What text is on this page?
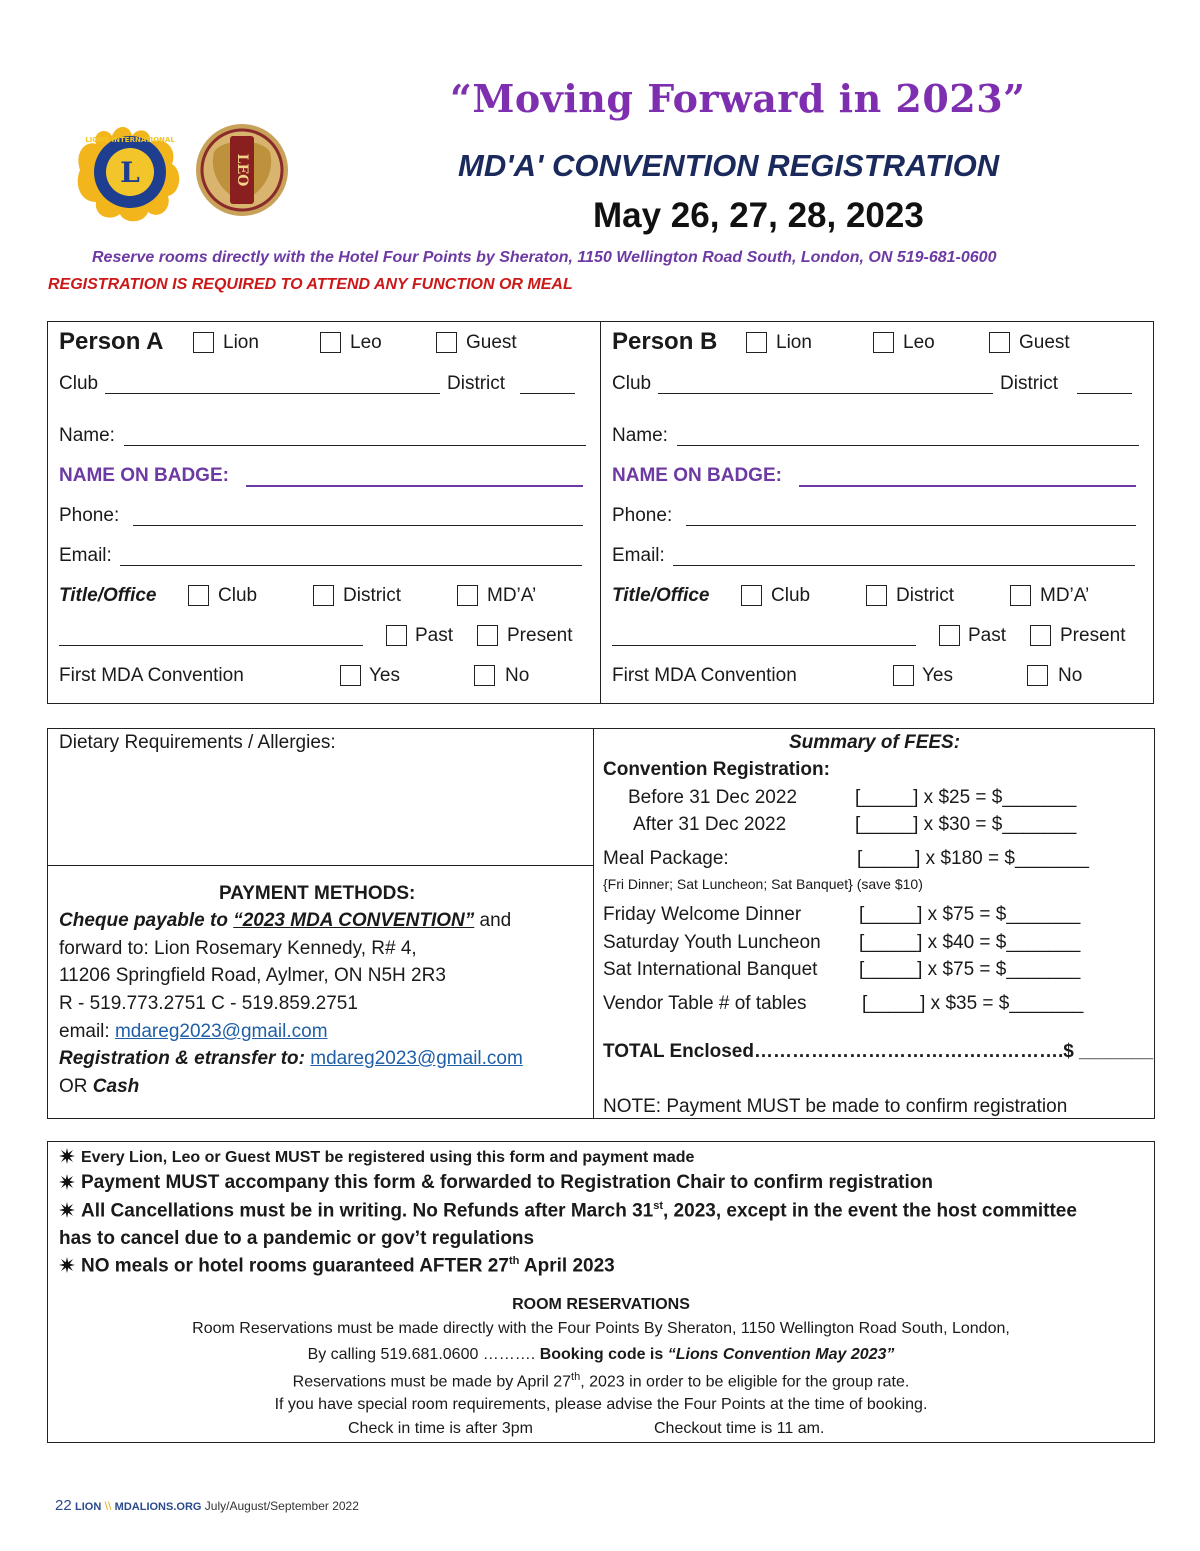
L
LIONS INTERNATIONAL
LEO
“Moving Forward in 2023”
MD'A' CONVENTION REGISTRATION
May 26, 27, 28, 2023
Reserve rooms directly with the Hotel Four Points by Sheraton, 1150 Wellington Road South, London, ON 519-681-0600
REGISTRATION IS REQUIRED TO ATTEND ANY FUNCTION OR MEAL
Person A	Lion	Leo	Guest
Club	District
Name:
NAME ON BADGE:
Phone:
Email:
Title/Office	Club	District	MD’A’
Past	Present
First MDA Convention	Yes	No
Person B	Lion	Leo	Guest
Club	District
Name:
NAME ON BADGE:
Phone:
Email:
Title/Office	Club	District	MD’A’
Past	Present
First MDA Convention	Yes	No
Dietary Requirements / Allergies:
PAYMENT METHODS:
Cheque payable to “2023 MDA CONVENTION” and
forward to: Lion Rosemary Kennedy, R# 4,
11206 Springfield Road, Aylmer, ON N5H 2R3
R - 519.773.2751 C - 519.859.2751
email: mdareg2023@gmail.com
Registration & etransfer to: mdareg2023@gmail.com
OR Cash
Summary of FEES:
Convention Registration:
Before 31 Dec 2022	[_____] x $25 = $_______
After 31 Dec 2022	[_____] x $30 = $_______
Meal Package:	[_____] x $180 = $_______
{Fri Dinner; Sat Luncheon; Sat Banquet} (save $10)
Friday Welcome Dinner	[_____] x $75 = $_______
Saturday Youth Luncheon [_____] x $40 = $_______
Sat International Banquet [_____] x $75 = $_______
Vendor Table # of tables	[_____] x $35 = $_______
TOTAL Enclosed………………………………………….$ _______
NOTE: Payment MUST be made to confirm registration
Every Lion, Leo or Guest MUST be registered using this form and payment made
Payment MUST accompany this form & forwarded to Registration Chair to confirm registration
All Cancellations must be in writing. No Refunds after March 31st, 2023, except in the event the host committee
has to cancel due to a pandemic or gov’t regulations
NO meals or hotel rooms guaranteed AFTER 27th April 2023
ROOM RESERVATIONS
Room Reservations must be made directly with the Four Points By Sheraton, 1150 Wellington Road South, London,
By calling 519.681.0600 ………. Booking code is “Lions Convention May 2023”
Reservations must be made by April 27th, 2023 in order to be eligible for the group rate.
If you have special room requirements, please advise the Four Points at the time of booking.
Check in time is after 3pm	Checkout time is 11 am.
22 LION \\ MDALIONS.ORG July/August/September 2022
